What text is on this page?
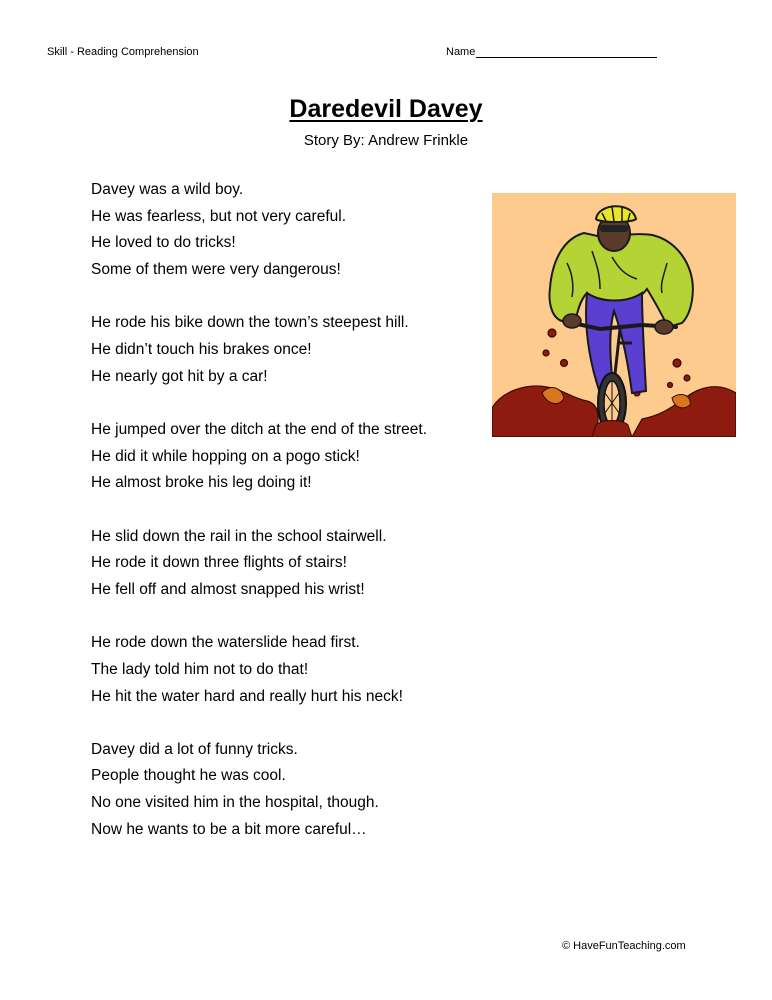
Skill - Reading Comprehension	Name
Daredevil Davey
Story By: Andrew Frinkle
Davey was a wild boy.
He was fearless, but not very careful.
He loved to do tricks!
Some of them were very dangerous!
He rode his bike down the town’s steepest hill.
He didn’t touch his brakes once!
He nearly got hit by a car!
He jumped over the ditch at the end of the street.
He did it while hopping on a pogo stick!
He almost broke his leg doing it!
He slid down the rail in the school stairwell.
He rode it down three flights of stairs!
He fell off and almost snapped his wrist!
He rode down the waterslide head first.
The lady told him not to do that!
He hit the water hard and really hurt his neck!
Davey did a lot of funny tricks.
People thought he was cool.
No one visited him in the hospital, though.
Now he wants to be a bit more careful…
© HaveFunTeaching.com
